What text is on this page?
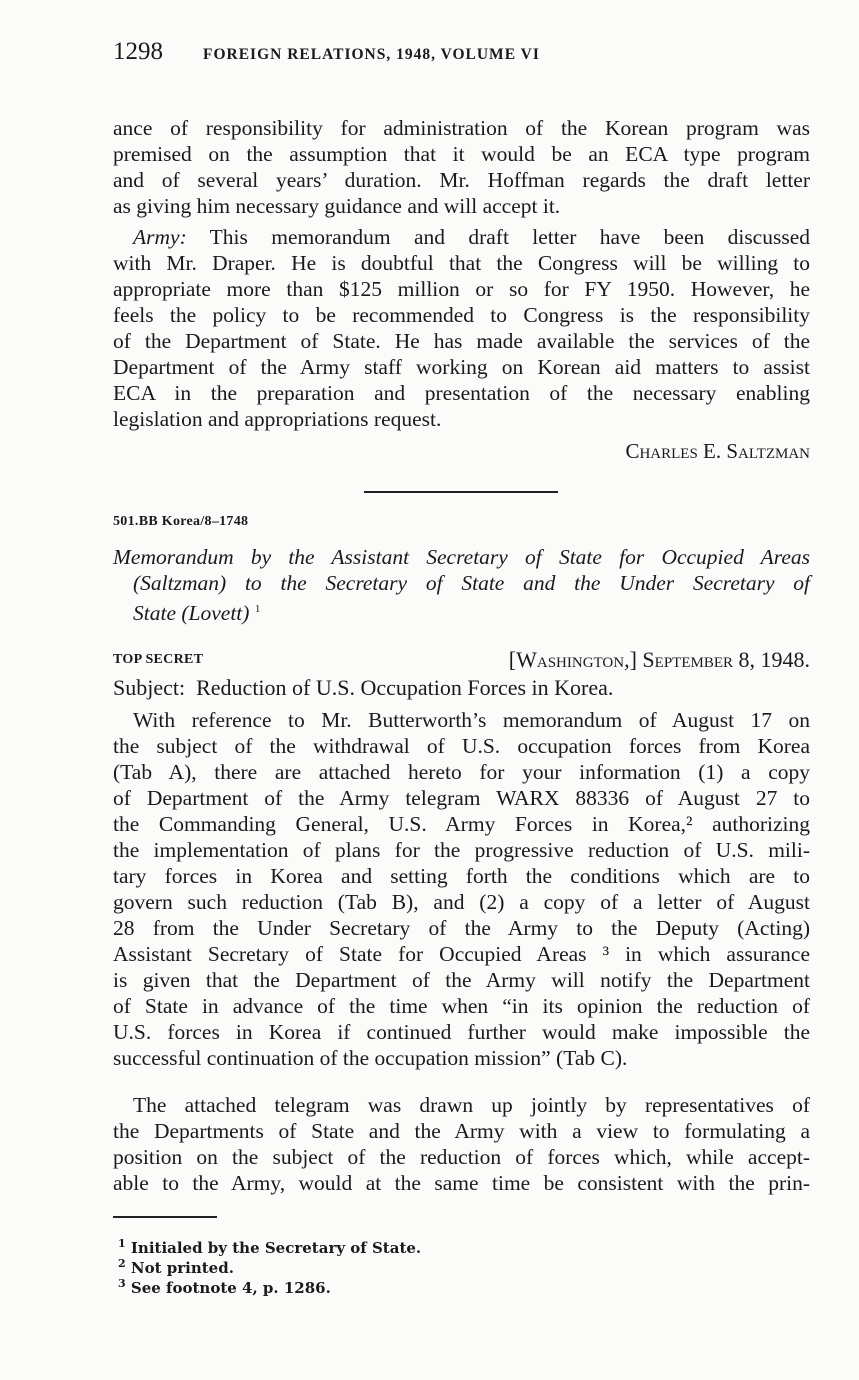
1298	FOREIGN RELATIONS, 1948, VOLUME VI
ance of responsibility for administration of the Korean program was
premised on the assumption that it would be an ECA type program
and of several years’ duration. Mr. Hoffman regards the draft letter
as giving him necessary guidance and will accept it.
Army: This memorandum and draft letter have been discussed
with Mr. Draper. He is doubtful that the Congress will be willing to
appropriate more than $125 million or so for FY 1950. However, he
feels the policy to be recommended to Congress is the responsibility
of the Department of State. He has made available the services of the
Department of the Army staff working on Korean aid matters to assist
ECA in the preparation and presentation of the necessary enabling
legislation and appropriations request.
Charles E. Saltzman
501.BB Korea/8–1748
Memorandum by the Assistant Secretary of State for Occupied Areas
(Saltzman) to the Secretary of State and the Under Secretary of
State (Lovett) $^1$
TOP SECRET	[Washington,] September 8, 1948.
Subject: Reduction of U.S. Occupation Forces in Korea.
With reference to Mr. Butterworth’s memorandum of August 17 on
the subject of the withdrawal of U.S. occupation forces from Korea
(Tab A), there are attached hereto for your information (1) a copy
of Department of the Army telegram WARX 88336 of August 27 to
the Commanding General, U.S. Army Forces in Korea,² authorizing
the implementation of plans for the progressive reduction of U.S. mili-
tary forces in Korea and setting forth the conditions which are to
govern such reduction (Tab B), and (2) a copy of a letter of August
28 from the Under Secretary of the Army to the Deputy (Acting)
Assistant Secretary of State for Occupied Areas ³ in which assurance
is given that the Department of the Army will notify the Department
of State in advance of the time when “in its opinion the reduction of
U.S. forces in Korea if continued further would make impossible the
successful continuation of the occupation mission” (Tab C).
The attached telegram was drawn up jointly by representatives of
the Departments of State and the Army with a view to formulating a
position on the subject of the reduction of forces which, while accept-
able to the Army, would at the same time be consistent with the prin-
$^1$ Initialed by the Secretary of State.
$^2$ Not printed.
$^3$ See footnote 4, p. 1286.
